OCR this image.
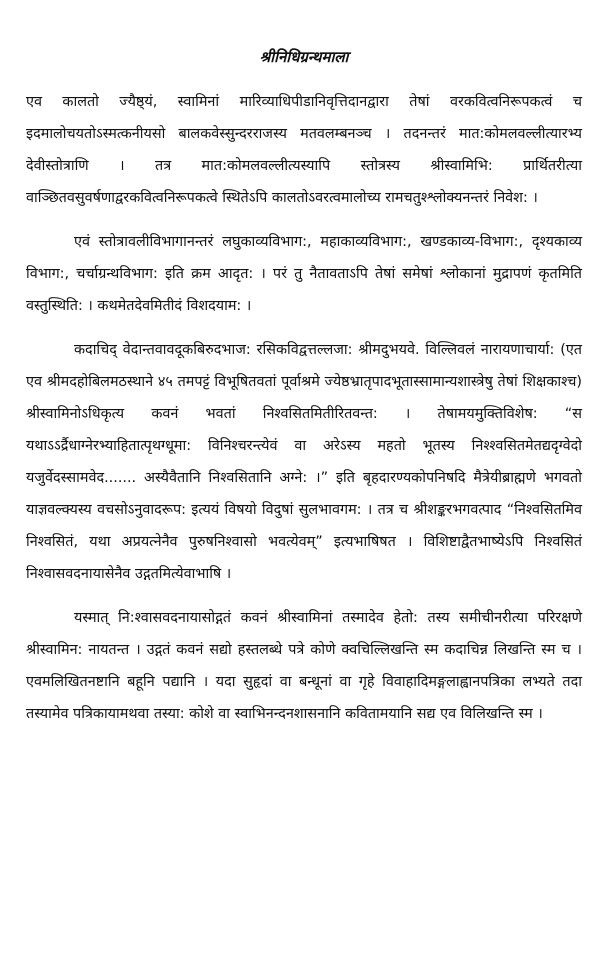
श्रीनिधिग्रन्थमाला

एव कालतो ज्यैष्ठ्यं, स्वामिनां मारिव्याधिपीडानिवृत्तिदानद्वारा तेषां वरकवित्वनिरूपकत्वं च इदमालोचयतोऽस्मत्कनीयसो बालकवेस्सुन्दरराजस्य मतवलम्बनञ्च । तदनन्तरं मात:कोमलवल्लीत्यारभ्य देवीस्तोत्राणि । तत्र मात:कोमलवल्लीत्यस्यापि स्तोत्रस्य श्रीस्वामिभि: प्रार्थितरीत्या वाञ्छितवसुवर्षणाद्वरकवित्वनिरूपकत्वे स्थितेऽपि कालतोऽवरत्वमालोच्य रामचतुश्श्लोक्यनन्तरं निवेश: ।

एवं स्तोत्रावलीविभागानन्तरं लघुकाव्यविभाग:, महाकाव्यविभाग:, खण्डकाव्य-विभाग:, दृश्यकाव्य विभाग:, चर्चाग्रन्थविभाग: इति क्रम आदृत: । परं तु नैतावताऽपि तेषां समेषां श्लोकानां मुद्रापणं कृतमिति वस्तुस्थिति: । कथमेतदेवमितीदं विशदयाम: ।

कदाचिद् वेदान्तवावदूकबिरुदभाज: रसिकविद्वत्तल्लजा: श्रीमदुभयवे. विल्लिवलं नारायणाचार्या: (एत एव श्रीमदहोबिलमठस्थाने ४५ तमपट्टं विभूषितवतां पूर्वाश्रमे ज्येष्ठभ्रातृपादभूतास्सामान्यशास्त्रेषु तेषां शिक्षकाश्च) श्रीस्वामिनोऽधिकृत्य कवनं भवतां निश्वसितमितीरितवन्त: । तेषामयमुक्तिविशेष: “स यथाऽऽर्द्रैधाग्नेरभ्याहितात्पृथग्धूमा: विनिश्चरन्त्येवं वा अरेऽस्य महतो भूतस्य निश्श्वसितमेतद्यदृग्वेदो यजुर्वेदस्सामवेद....... अस्यैवैतानि निश्वसितानि अग्ने: ।” इति बृहदारण्यकोपनिषदि मैत्रेयीब्राह्मणे भगवतो याज्ञवल्क्यस्य वचसोऽनुवादरूप: इत्ययं विषयो विदुषां सुलभावगम: । तत्र च श्रीशङ्करभगवत्पाद “निश्वसितमिव निश्वसितं, यथा अप्रयत्नेनैव पुरुषनिश्वासो भवत्येवम्” इत्यभाषिषत । विशिष्टाद्वैतभाष्येऽपि निश्वसितं निश्वासवदनायासेनैव उद्गतमित्येवाभाषि ।

यस्मात् नि:श्वासवदनायासोद्गतं कवनं श्रीस्वामिनां तस्मादेव हेतो: तस्य समीचीनरीत्या परिरक्षणे श्रीस्वामिन: नायतन्त । उद्गतं कवनं सद्यो हस्तलब्धे पत्रे कोणे क्वचिल्लिखन्ति स्म कदाचिन्न लिखन्ति स्म च । एवमलिखितनष्टानि बहूनि पद्यानि । यदा सुहृदां वा बन्धूनां वा गृहे विवाहादिमङ्गलाह्वानपत्रिका लभ्यते तदा तस्यामेव पत्रिकायामथवा तस्या: कोशे वा स्वाभिनन्दनशासनानि कवितामयानि सद्य एव विलिखन्ति स्म ।
